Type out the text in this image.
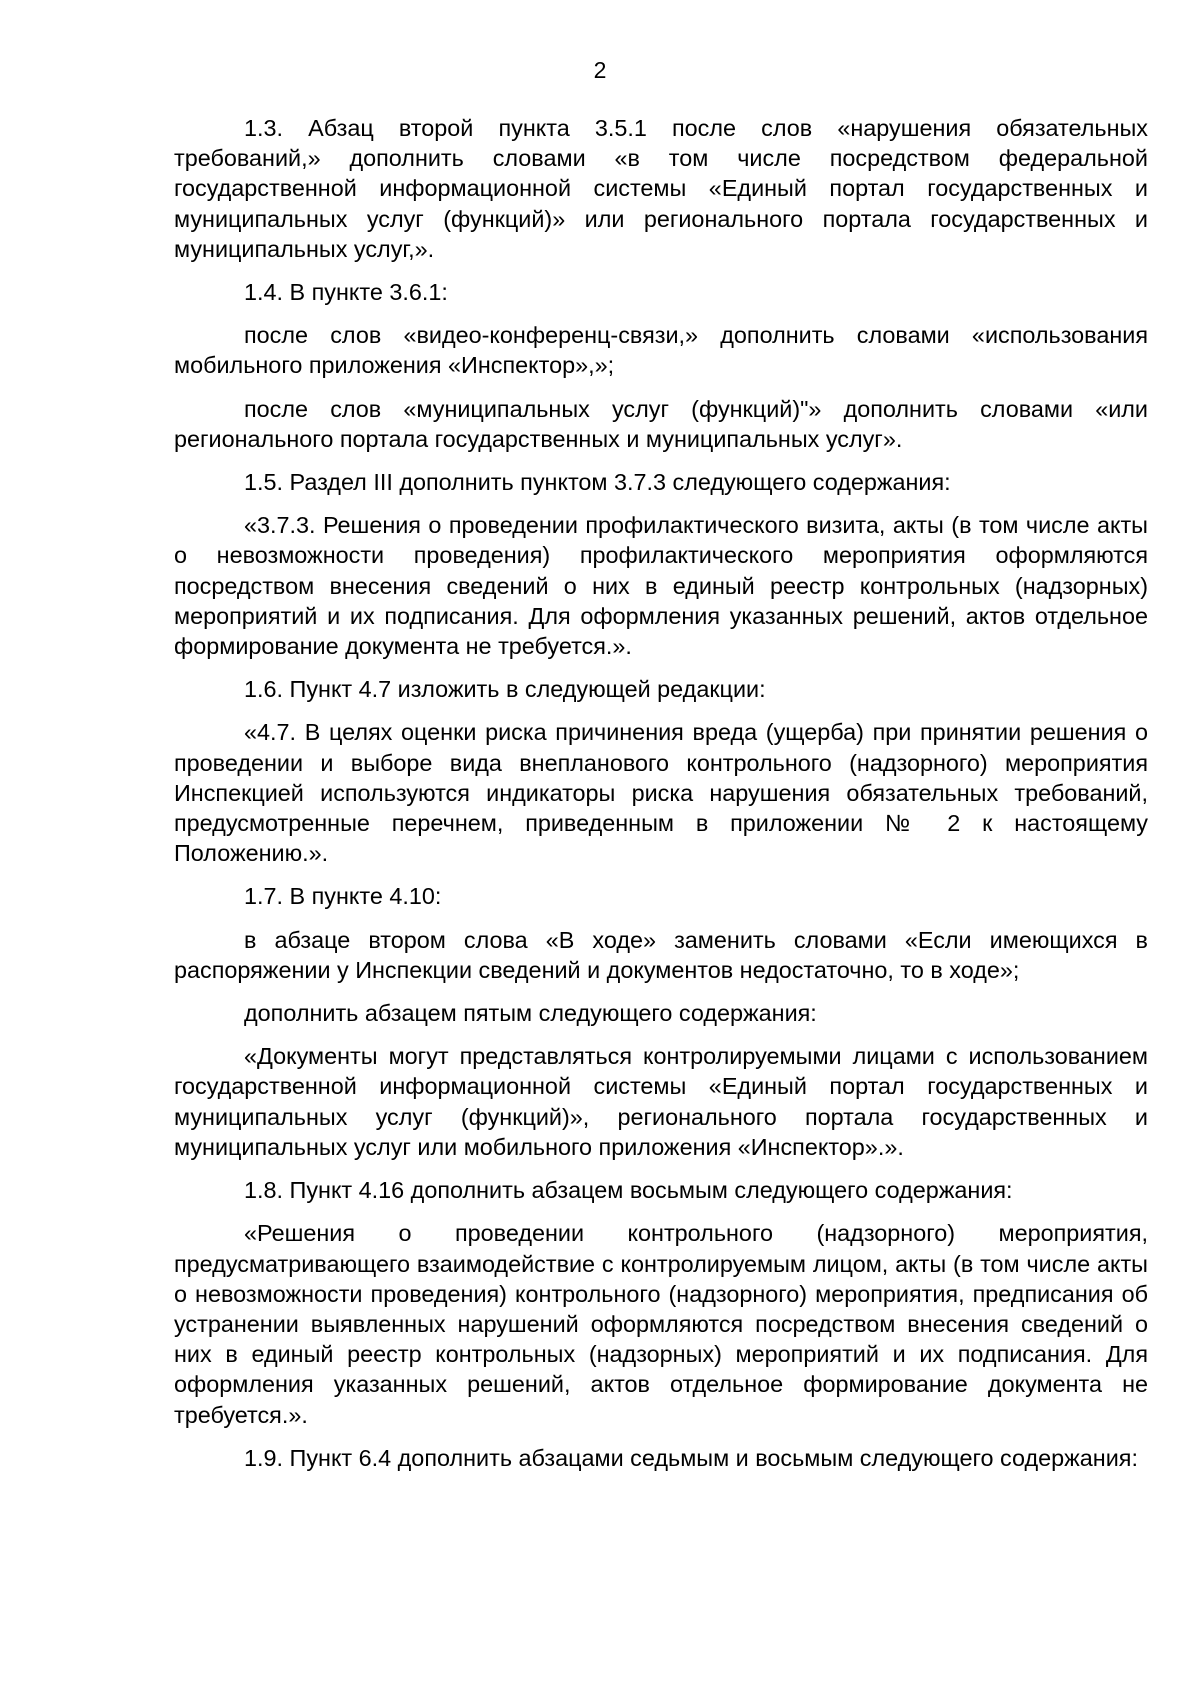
2

1.3. Абзац второй пункта 3.5.1 после слов «нарушения обязательных требований,» дополнить словами «в том числе посредством федеральной государственной информационной системы «Единый портал государственных и муниципальных услуг (функций)» или регионального портала государственных и муниципальных услуг,».

1.4. В пункте 3.6.1:

после слов «видео-конференц-связи,» дополнить словами «использования мобильного приложения «Инспектор»,»;

после слов «муниципальных услуг (функций)"» дополнить словами «или регионального портала государственных и муниципальных услуг».

1.5. Раздел III дополнить пунктом 3.7.3 следующего содержания:

«3.7.3. Решения о проведении профилактического визита, акты (в том числе акты о невозможности проведения) профилактического мероприятия оформляются посредством внесения сведений о них в единый реестр контрольных (надзорных) мероприятий и их подписания. Для оформления указанных решений, актов отдельное формирование документа не требуется.».

1.6. Пункт 4.7 изложить в следующей редакции:

«4.7. В целях оценки риска причинения вреда (ущерба) при принятии решения о проведении и выборе вида внепланового контрольного (надзорного) мероприятия Инспекцией используются индикаторы риска нарушения обязательных требований, предусмотренные перечнем, приведенным в приложении № 2 к настоящему Положению.».

1.7. В пункте 4.10:

в абзаце втором слова «В ходе» заменить словами «Если имеющихся в распоряжении у Инспекции сведений и документов недостаточно, то в ходе»;

дополнить абзацем пятым следующего содержания:

«Документы могут представляться контролируемыми лицами с использованием государственной информационной системы «Единый портал государственных и муниципальных услуг (функций)», регионального портала государственных и муниципальных услуг или мобильного приложения «Инспектор».».

1.8. Пункт 4.16 дополнить абзацем восьмым следующего содержания:

«Решения о проведении контрольного (надзорного) мероприятия, предусматривающего взаимодействие с контролируемым лицом, акты (в том числе акты о невозможности проведения) контрольного (надзорного) мероприятия, предписания об устранении выявленных нарушений оформляются посредством внесения сведений о них в единый реестр контрольных (надзорных) мероприятий и их подписания. Для оформления указанных решений, актов отдельное формирование документа не требуется.».

1.9. Пункт 6.4 дополнить абзацами седьмым и восьмым следующего содержания:
